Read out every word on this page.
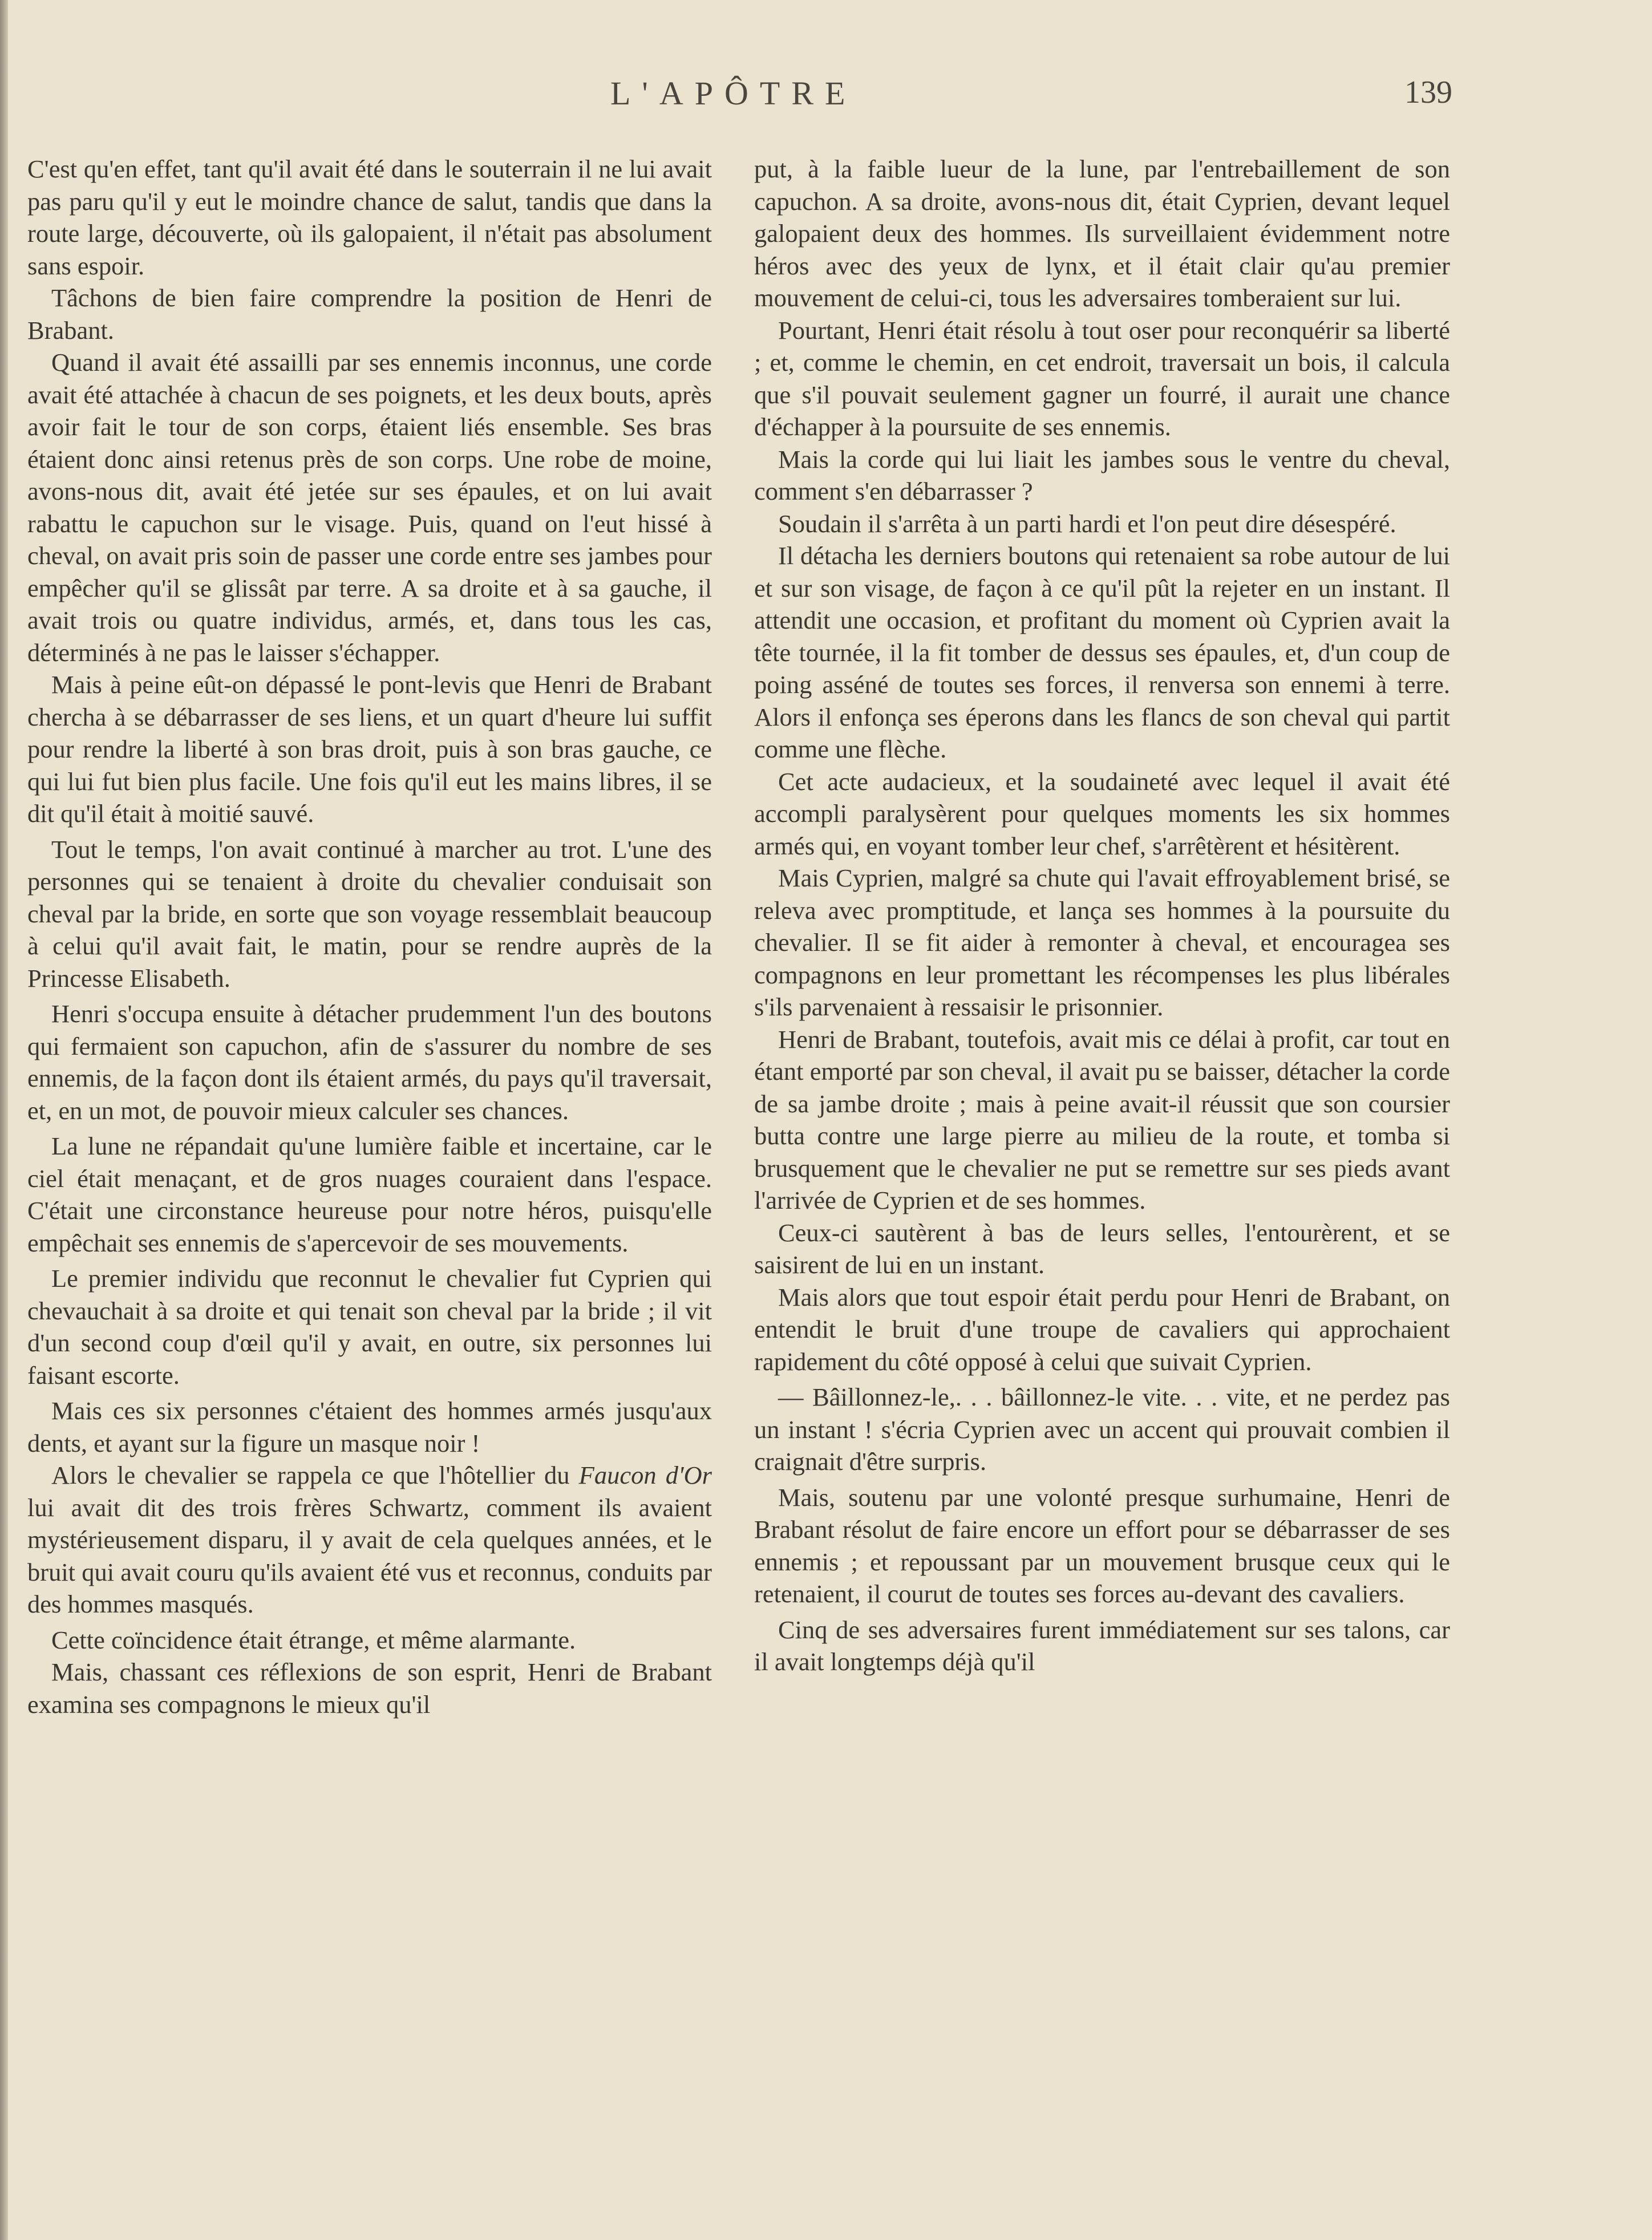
L'APÔTRE	139

C'est qu'en effet, tant qu'il avait été dans le souterrain il ne lui avait pas paru qu'il y eut le moindre chance de salut, tandis que dans la route large, découverte, où ils galopaient, il n'était pas absolument sans espoir.

Tâchons de bien faire comprendre la position de Henri de Brabant.

Quand il avait été assailli par ses ennemis inconnus, une corde avait été attachée à chacun de ses poignets, et les deux bouts, après avoir fait le tour de son corps, étaient liés ensemble. Ses bras étaient donc ainsi retenus près de son corps. Une robe de moine, avons-nous dit, avait été jetée sur ses épaules, et on lui avait rabattu le capuchon sur le visage. Puis, quand on l'eut hissé à cheval, on avait pris soin de passer une corde entre ses jambes pour empêcher qu'il se glissât par terre. A sa droite et à sa gauche, il avait trois ou quatre individus, armés, et, dans tous les cas, déterminés à ne pas le laisser s'échapper.

Mais à peine eût-on dépassé le pont-levis que Henri de Brabant chercha à se débarrasser de ses liens, et un quart d'heure lui suffit pour rendre la liberté à son bras droit, puis à son bras gauche, ce qui lui fut bien plus facile. Une fois qu'il eut les mains libres, il se dit qu'il était à moitié sauvé.

Tout le temps, l'on avait continué à marcher au trot. L'une des personnes qui se tenaient à droite du chevalier conduisait son cheval par la bride, en sorte que son voyage ressemblait beaucoup à celui qu'il avait fait, le matin, pour se rendre auprès de la Princesse Elisabeth.

Henri s'occupa ensuite à détacher prudemment l'un des boutons qui fermaient son capuchon, afin de s'assurer du nombre de ses ennemis, de la façon dont ils étaient armés, du pays qu'il traversait, et, en un mot, de pouvoir mieux calculer ses chances.

La lune ne répandait qu'une lumière faible et incertaine, car le ciel était menaçant, et de gros nuages couraient dans l'espace. C'était une circonstance heureuse pour notre héros, puisqu'elle empêchait ses ennemis de s'apercevoir de ses mouvements.

Le premier individu que reconnut le chevalier fut Cyprien qui chevauchait à sa droite et qui tenait son cheval par la bride ; il vit d'un second coup d'œil qu'il y avait, en outre, six personnes lui faisant escorte.

Mais ces six personnes c'étaient des hommes armés jusqu'aux dents, et ayant sur la figure un masque noir !

Alors le chevalier se rappela ce que l'hôtellier du Faucon d'Or lui avait dit des trois frères Schwartz, comment ils avaient mystérieusement disparu, il y avait de cela quelques années, et le bruit qui avait couru qu'ils avaient été vus et reconnus, conduits par des hommes masqués.

Cette coïncidence était étrange, et même alarmante.

Mais, chassant ces réflexions de son esprit, Henri de Brabant examina ses compagnons le mieux qu'il

put, à la faible lueur de la lune, par l'entrebaillement de son capuchon. A sa droite, avons-nous dit, était Cyprien, devant lequel galopaient deux des hommes. Ils surveillaient évidemment notre héros avec des yeux de lynx, et il était clair qu'au premier mouvement de celui-ci, tous les adversaires tomberaient sur lui.

Pourtant, Henri était résolu à tout oser pour reconquérir sa liberté ; et, comme le chemin, en cet endroit, traversait un bois, il calcula que s'il pouvait seulement gagner un fourré, il aurait une chance d'échapper à la poursuite de ses ennemis.

Mais la corde qui lui liait les jambes sous le ventre du cheval, comment s'en débarrasser ?

Soudain il s'arrêta à un parti hardi et l'on peut dire désespéré.

Il détacha les derniers boutons qui retenaient sa robe autour de lui et sur son visage, de façon à ce qu'il pût la rejeter en un instant. Il attendit une occasion, et profitant du moment où Cyprien avait la tête tournée, il la fit tomber de dessus ses épaules, et, d'un coup de poing asséné de toutes ses forces, il renversa son ennemi à terre. Alors il enfonça ses éperons dans les flancs de son cheval qui partit comme une flèche.

Cet acte audacieux, et la soudaineté avec lequel il avait été accompli paralysèrent pour quelques moments les six hommes armés qui, en voyant tomber leur chef, s'arrêtèrent et hésitèrent.

Mais Cyprien, malgré sa chute qui l'avait effroyablement brisé, se releva avec promptitude, et lança ses hommes à la poursuite du chevalier. Il se fit aider à remonter à cheval, et encouragea ses compagnons en leur promettant les récompenses les plus libérales s'ils parvenaient à ressaisir le prisonnier.

Henri de Brabant, toutefois, avait mis ce délai à profit, car tout en étant emporté par son cheval, il avait pu se baisser, détacher la corde de sa jambe droite ; mais à peine avait-il réussit que son coursier butta contre une large pierre au milieu de la route, et tomba si brusquement que le chevalier ne put se remettre sur ses pieds avant l'arrivée de Cyprien et de ses hommes.

Ceux-ci sautèrent à bas de leurs selles, l'entourèrent, et se saisirent de lui en un instant.

Mais alors que tout espoir était perdu pour Henri de Brabant, on entendit le bruit d'une troupe de cavaliers qui approchaient rapidement du côté opposé à celui que suivait Cyprien.

— Bâillonnez-le,. . . bâillonnez-le vite. . . vite, et ne perdez pas un instant ! s'écria Cyprien avec un accent qui prouvait combien il craignait d'être surpris.

Mais, soutenu par une volonté presque surhumaine, Henri de Brabant résolut de faire encore un effort pour se débarrasser de ses ennemis ; et repoussant par un mouvement brusque ceux qui le retenaient, il courut de toutes ses forces au-devant des cavaliers.

Cinq de ses adversaires furent immédiatement sur ses talons, car il avait longtemps déjà qu'il
